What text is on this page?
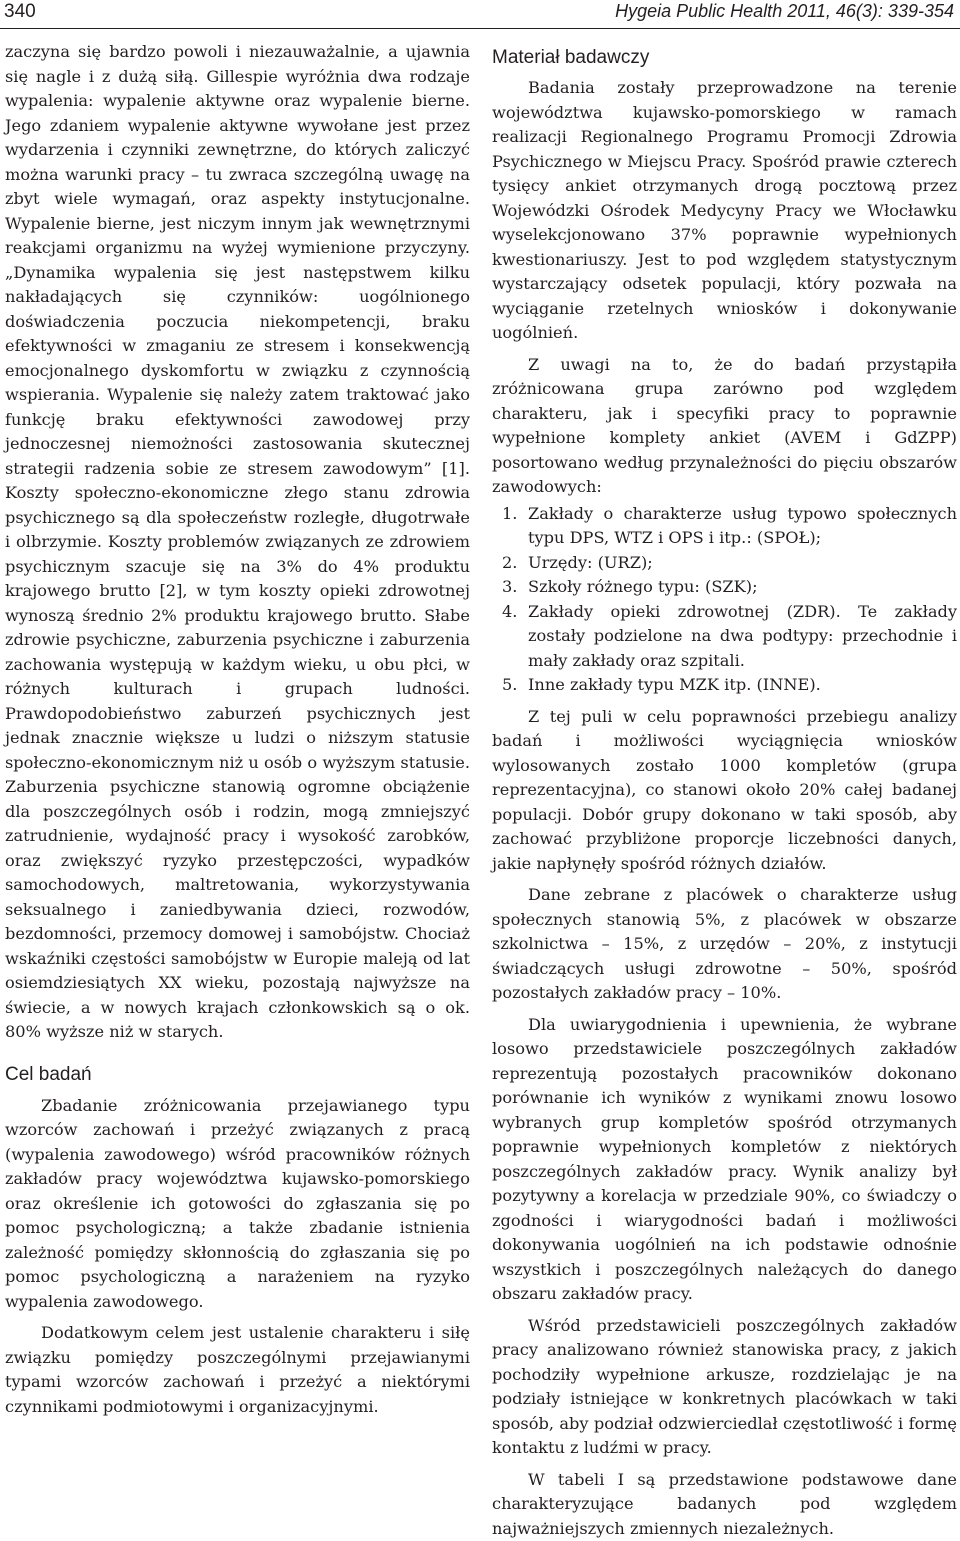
340	Hygeia Public Health 2011, 46(3): 339-354

zaczyna się bardzo powoli i niezauważalnie, a ujawnia się nagle i z dużą siłą. Gillespie wyróżnia dwa rodzaje wypalenia: wypalenie aktywne oraz wypalenie bierne. Jego zdaniem wypalenie aktywne wywołane jest przez wydarzenia i czynniki zewnętrzne, do których zaliczyć można warunki pracy – tu zwraca szczególną uwagę na zbyt wiele wymagań, oraz aspekty instytucjonalne. Wypalenie bierne, jest niczym innym jak wewnętrznymi reakcjami organizmu na wyżej wymienione przyczyny. „Dynamika wypalenia się jest następstwem kilku nakładających się czynników: uogólnionego doświadczenia poczucia niekompetencji, braku efektywności w zmaganiu ze stresem i konsekwencją emocjonalnego dyskomfortu w związku z czynnością wspierania. Wypalenie się należy zatem traktować jako funkcję braku efektywności zawodowej przy jednoczesnej niemożności zastosowania skutecznej strategii radzenia sobie ze stresem zawodowym” [1]. Koszty społeczno-ekonomiczne złego stanu zdrowia psychicznego są dla społeczeństw rozległe, długotrwałe i olbrzymie. Koszty problemów związanych ze zdrowiem psychicznym szacuje się na 3% do 4% produktu krajowego brutto [2], w tym koszty opieki zdrowotnej wynoszą średnio 2% produktu krajowego brutto. Słabe zdrowie psychiczne, zaburzenia psychiczne i zaburzenia zachowania występują w każdym wieku, u obu płci, w różnych kulturach i grupach ludności. Prawdopodobieństwo zaburzeń psychicznych jest jednak znacznie większe u ludzi o niższym statusie społeczno-ekonomicznym niż u osób o wyższym statusie. Zaburzenia psychiczne stanowią ogromne obciążenie dla poszczególnych osób i rodzin, mogą zmniejszyć zatrudnienie, wydajność pracy i wysokość zarobków, oraz zwiększyć ryzyko przestępczości, wypadków samochodowych, maltretowania, wykorzystywania seksualnego i zaniedbywania dzieci, rozwodów, bezdomności, przemocy domowej i samobójstw. Chociaż wskaźniki częstości samobójstw w Europie maleją od lat osiemdziesiątych XX wieku, pozostają najwyższe na świecie, a w nowych krajach członkowskich są o ok. 80% wyższe niż w starych.

Cel badań

Zbadanie zróżnicowania przejawianego typu wzorców zachowań i przeżyć związanych z pracą (wypalenia zawodowego) wśród pracowników różnych zakładów pracy województwa kujawsko-pomorskiego oraz określenie ich gotowości do zgłaszania się po pomoc psychologiczną; a także zbadanie istnienia zależność pomiędzy skłonnością do zgłaszania się po pomoc psychologiczną a narażeniem na ryzyko wypalenia zawodowego.

Dodatkowym celem jest ustalenie charakteru i siłę związku pomiędzy poszczególnymi przejawianymi typami wzorców zachowań i przeżyć a niektórymi czynnikami podmiotowymi i organizacyjnymi.

Materiał badawczy

Badania zostały przeprowadzone na terenie województwa kujawsko-pomorskiego w ramach realizacji Regionalnego Programu Promocji Zdrowia Psychicznego w Miejscu Pracy. Spośród prawie czterech tysięcy ankiet otrzymanych drogą pocztową przez Wojewódzki Ośrodek Medycyny Pracy we Włocławku wyselekcjonowano 37% poprawnie wypełnionych kwestionariuszy. Jest to pod względem statystycznym wystarczający odsetek populacji, który pozwała na wyciąganie rzetelnych wniosków i dokonywanie uogólnień.

Z uwagi na to, że do badań przystąpiła zróżnicowana grupa zarówno pod względem charakteru, jak i specyfiki pracy to poprawnie wypełnione komplety ankiet (AVEM i GdZPP) posortowano według przynależności do pięciu obszarów zawodowych:

1. Zakłady o charakterze usług typowo społecznych typu DPS, WTZ i OPS i itp.: (SPOŁ);
2. Urzędy: (URZ);
3. Szkoły różnego typu: (SZK);
4. Zakłady opieki zdrowotnej (ZDR). Te zakłady zostały podzielone na dwa podtypy: przechodnie i mały zakłady oraz szpitali.
5. Inne zakłady typu MZK itp. (INNE).

Z tej puli w celu poprawności przebiegu analizy badań i możliwości wyciągnięcia wniosków wylosowanych zostało 1000 kompletów (grupa reprezentacyjna), co stanowi około 20% całej badanej populacji. Dobór grupy dokonano w taki sposób, aby zachować przybliżone proporcje liczebności danych, jakie napłynęły spośród różnych działów.

Dane zebrane z placówek o charakterze usług społecznych stanowią 5%, z placówek w obszarze szkolnictwa – 15%, z urzędów – 20%, z instytucji świadczących usługi zdrowotne – 50%, spośród pozostałych zakładów pracy – 10%.

Dla uwiarygodnienia i upewnienia, że wybrane losowo przedstawiciele poszczególnych zakładów reprezentują pozostałych pracowników dokonano porównanie ich wyników z wynikami znowu losowo wybranych grup kompletów spośród otrzymanych poprawnie wypełnionych kompletów z niektórych poszczególnych zakładów pracy. Wynik analizy był pozytywny a korelacja w przedziale 90%, co świadczy o zgodności i wiarygodności badań i możliwości dokonywania uogólnień na ich podstawie odnośnie wszystkich i poszczególnych należących do danego obszaru zakładów pracy.

Wśród przedstawicieli poszczególnych zakładów pracy analizowano również stanowiska pracy, z jakich pochodziły wypełnione arkusze, rozdzielając je na podziały istniejące w konkretnych placówkach w taki sposób, aby podział odzwierciedlał częstotliwość i formę kontaktu z ludźmi w pracy.

W tabeli I są przedstawione podstawowe dane charakteryzujące badanych pod względem najważniejszych zmiennych niezależnych.
